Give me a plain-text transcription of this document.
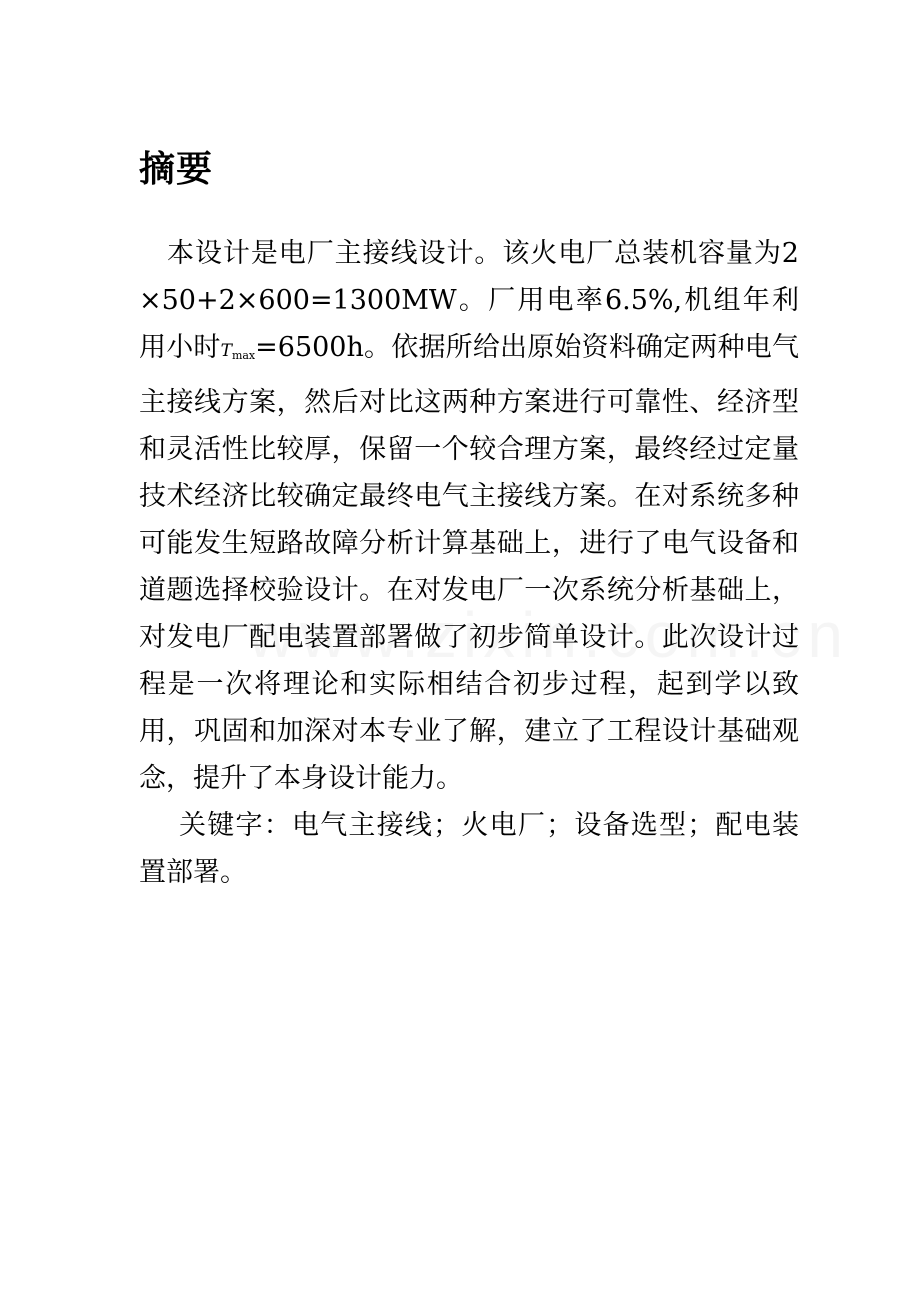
摘要

本设计是电厂主接线设计。该火电厂总装机容量为2×50+2×600=1300MW。厂用电率6.5%,机组年利用小时Tmax=6500h。依据所给出原始资料确定两种电气主接线方案，然后对比这两种方案进行可靠性、经济型和灵活性比较厚，保留一个较合理方案，最终经过定量技术经济比较确定最终电气主接线方案。在对系统多种可能发生短路故障分析计算基础上，进行了电气设备和道题选择校验设计。在对发电厂一次系统分析基础上，对发电厂配电装置部署做了初步简单设计。此次设计过程是一次将理论和实际相结合初步过程，起到学以致用，巩固和加深对本专业了解，建立了工程设计基础观念，提升了本身设计能力。

关键字：电气主接线；火电厂；设备选型；配电装置部署。
